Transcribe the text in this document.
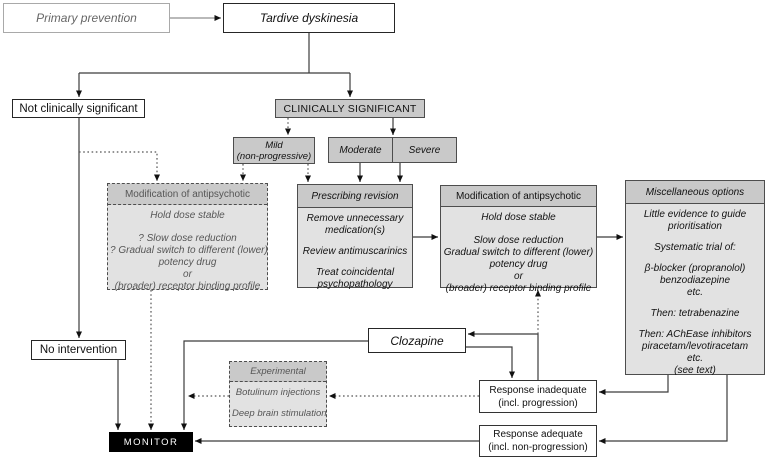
Primary prevention	Tardive dyskinesia
Not clinically significant	CLINICALLY SIGNIFICANT
Mild
(non-progressive)
Moderate	Severe
Modification of antipsychotic
Hold dose stable
? Slow dose reduction
? Gradual switch to different (lower)
potency drug
or
(broader) receptor binding profile
Prescribing revision
Remove unnecessary medication(s)
Review antimuscarinics
Treat coincidental psychopathology
Modification of antipsychotic
Hold dose stable
Slow dose reduction
Gradual switch to different (lower)
potency drug
or
(broader) receptor binding profile
Miscellaneous options
Little evidence to guide prioritisation
Systematic trial of:
β-blocker (propranolol)
benzodiazepine
etc.
Then: tetrabenazine
Then: AChEase inhibitors
piracetam/levotiracetam
etc.
(see text)
No intervention
Clozapine
Experimental
Botulinum injections
Deep brain stimulation
Response inadequate
(incl. progression)
Response adequate
(incl. non-progression)
MONITOR
